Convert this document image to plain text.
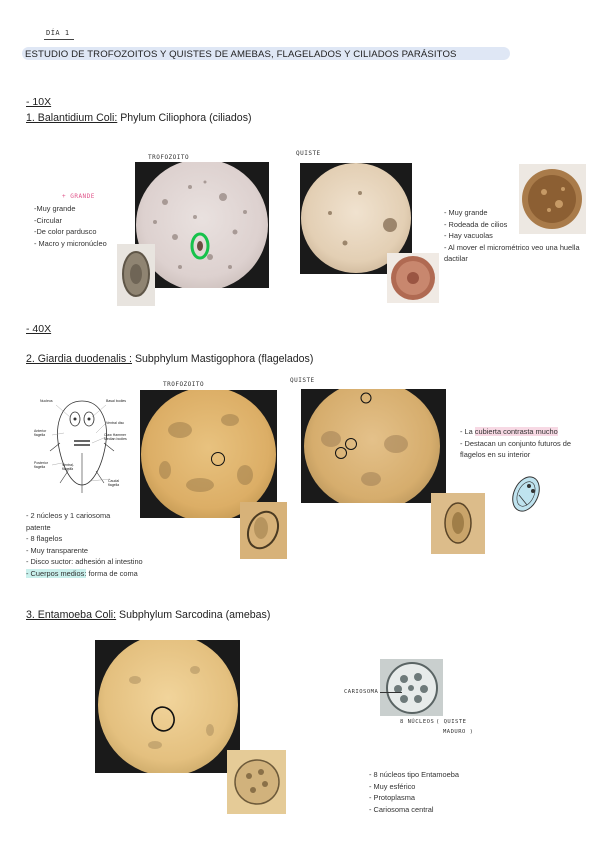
DÍA 1
ESTUDIO DE TROFOZOITOS Y QUISTES DE AMEBAS, FLAGELADOS Y CILIADOS PARÁSITOS
- 10X
1. Balantidium Coli: Phylum Ciliophora (ciliados)
TROFOZOITO
QUISTE
+ GRANDE
-Muy grande
-Circular
-De color pardusco
- Macro y micronúcleo
- Muy grande
- Rodeada de cilios
- Hay vacuolas
- Al mover el micrométrico veo una huella
dactilar
- 40X
2. Giardia duodenalis : Subphylum Mastigophora (flagelados)
TROFOZOITO
QUISTE
Nucleus	Basal bodies
Ventral disc
Claw Hammer Median bodies
Anterior flagella
Posterior flagella	Ventral flagella
Caudal flagella
- 2 núcleos y 1 cariosoma
patente
- 8 flagelos
- Muy transparente
- Disco suctor: adhesión al intestino
- Cuerpos medios: forma de coma
- La cubierta contrasta mucho
- Destacan un conjunto futuros de
flagelos en su interior
3. Entamoeba Coli: Subphylum Sarcodina (amebas)
CARIOSOMA
8 NÚCLEOS ( QUISTE
MADURO )
- 8 núcleos tipo Entamoeba
- Muy esférico
- Protoplasma
- Cariosoma central
